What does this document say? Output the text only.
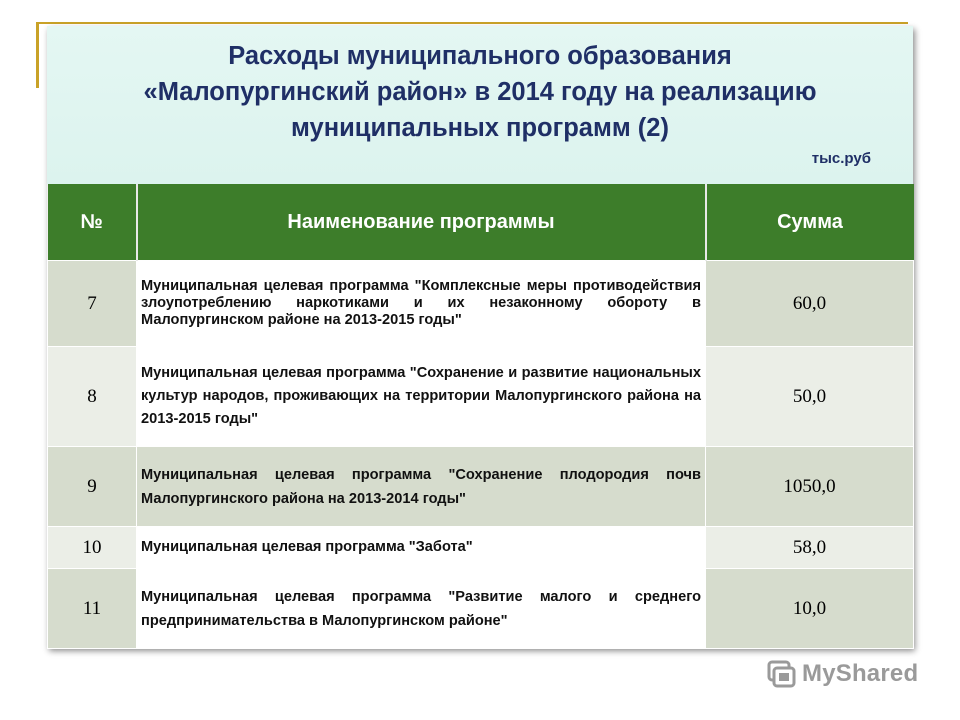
Расходы муниципального образования
«Малопургинский район» в 2014 году на реализацию
муниципальных программ (2)
тыс.руб
№	Наименование программы	Сумма
7	Муниципальная целевая программа "Комплексные меры противодействия злоупотреблению наркотиками и их незаконному обороту в Малопургинском районе на 2013-2015 годы"	60,0
8	Муниципальная целевая программа "Сохранение и развитие национальных культур народов, проживающих на территории Малопургинского района на 2013-2015 годы"	50,0
9	Муниципальная целевая программа "Сохранение плодородия почв Малопургинского района на 2013-2014 годы"	1050,0
10	Муниципальная целевая программа "Забота"	58,0
11	Муниципальная целевая программа "Развитие малого и среднего предпринимательства в Малопургинском районе"	10,0
MyShared
